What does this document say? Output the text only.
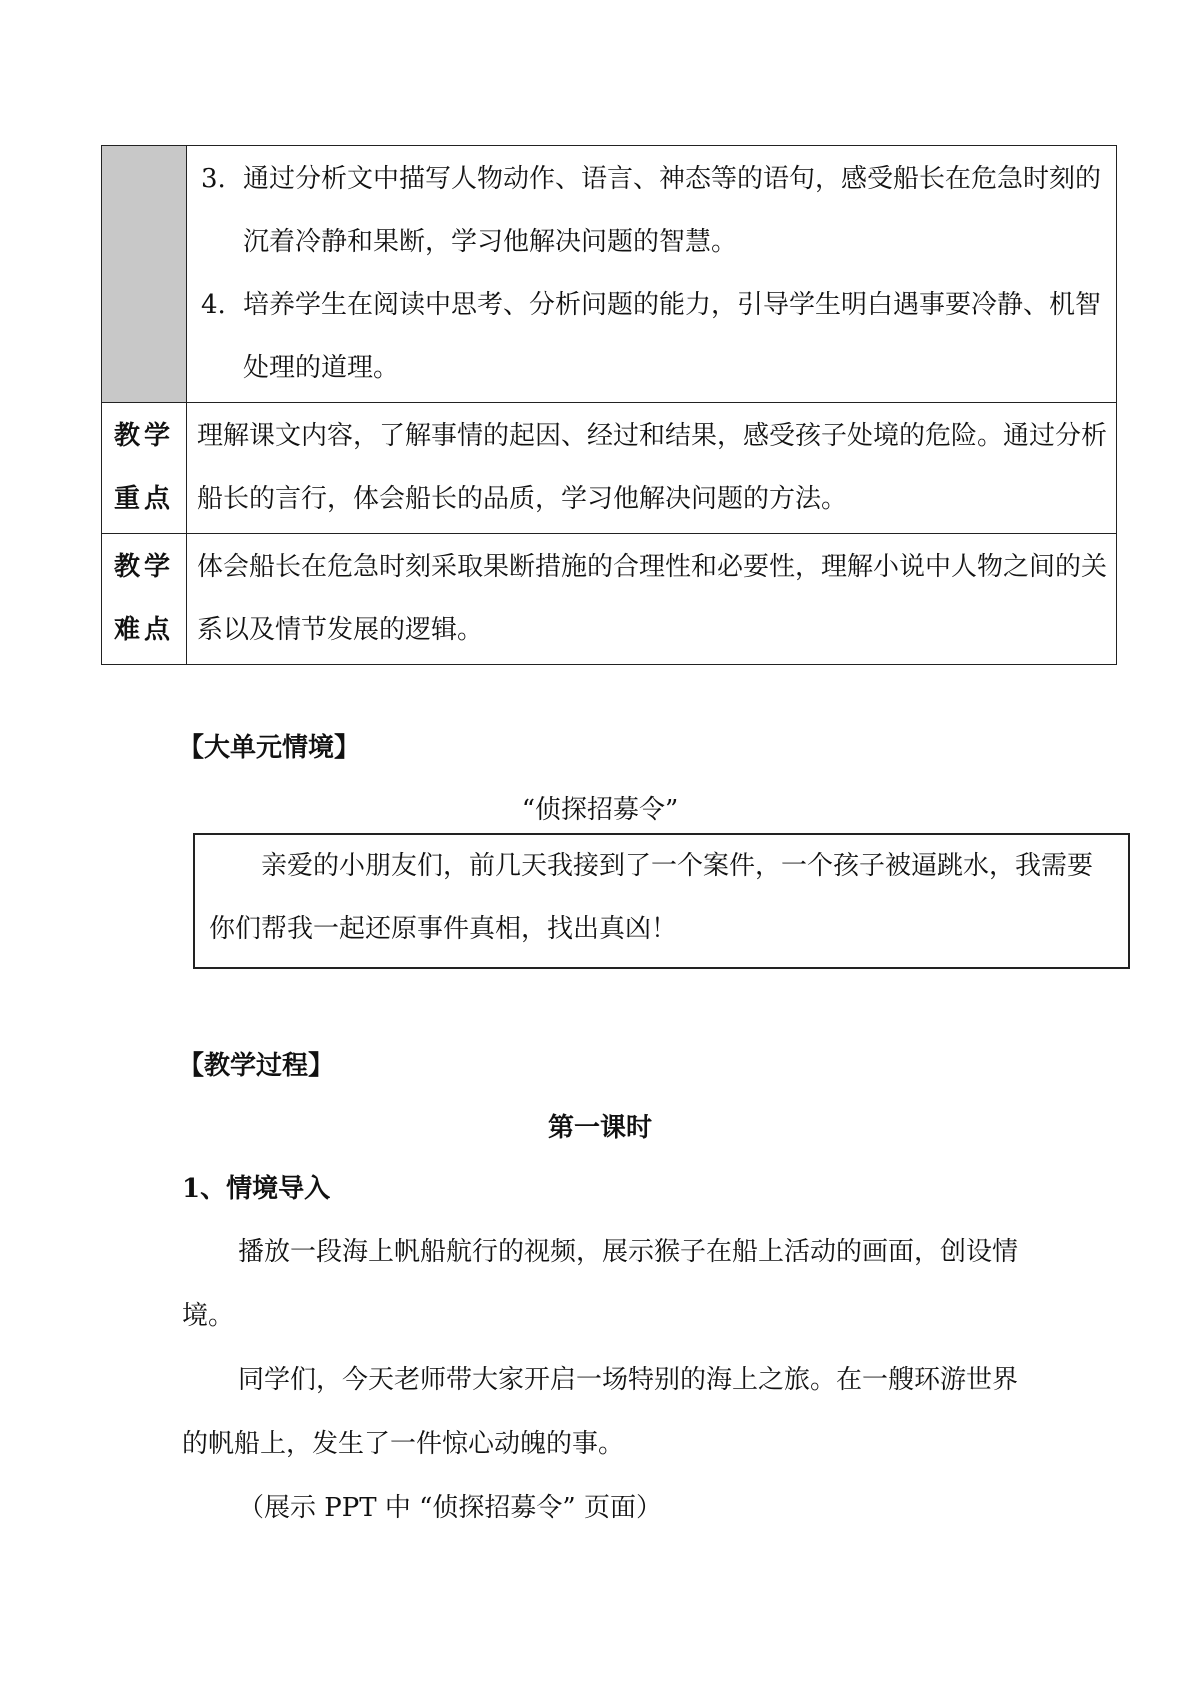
	3. 通过分析文中描写人物动作、语言、神态等的语句，感受船长在危急时刻的沉着冷静和果断，学习他解决问题的智慧。
4. 培养学生在阅读中思考、分析问题的能力，引导学生明白遇事要冷静、机智处理的道理。

教学重点	理解课文内容，了解事情的起因、经过和结果，感受孩子处境的危险。通过分析船长的言行，体会船长的品质，学习他解决问题的方法。

教学难点	体会船长在危急时刻采取果断措施的合理性和必要性，理解小说中人物之间的关系以及情节发展的逻辑。
【大单元情境】
“侦探招募令”
亲爱的小朋友们，前几天我接到了一个案件，一个孩子被逼跳水，我需要你们帮我一起还原事件真相，找出真凶！
【教学过程】
第一课时
1、情境导入
播放一段海上帆船航行的视频，展示猴子在船上活动的画面，创设情境。
同学们，今天老师带大家开启一场特别的海上之旅。在一艘环游世界的帆船上，发生了一件惊心动魄的事。
（展示 PPT 中 “侦探招募令” 页面）
